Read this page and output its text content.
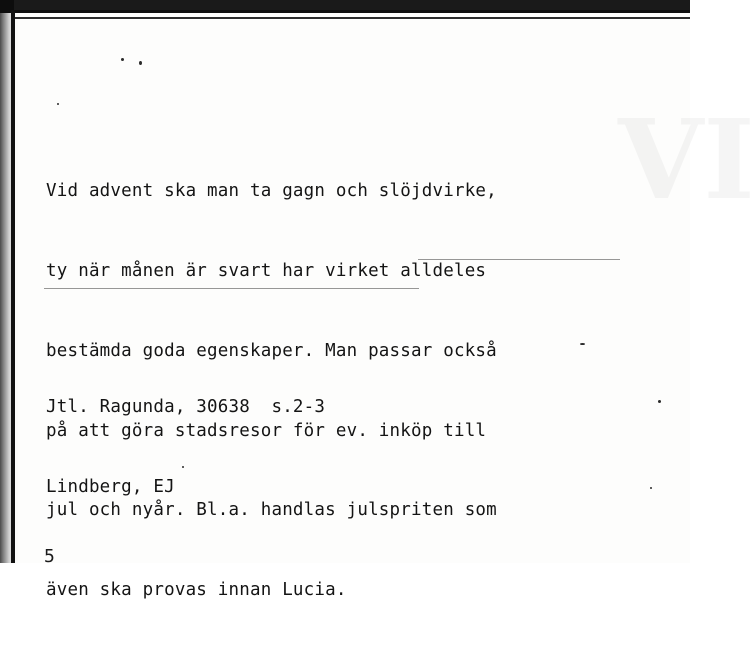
Vid advent ska man ta gagn och slöjdvirke,

ty när månen är svart har virket alldeles

bestämda goda egenskaper. Man passar också

på att göra stadsresor för ev. inköp till

jul och nyår. Bl.a. handlas julspriten som

även ska provas innan Lucia.

Jtl. Ragunda, 30638  s.2-3

Lindberg, EJ

5
